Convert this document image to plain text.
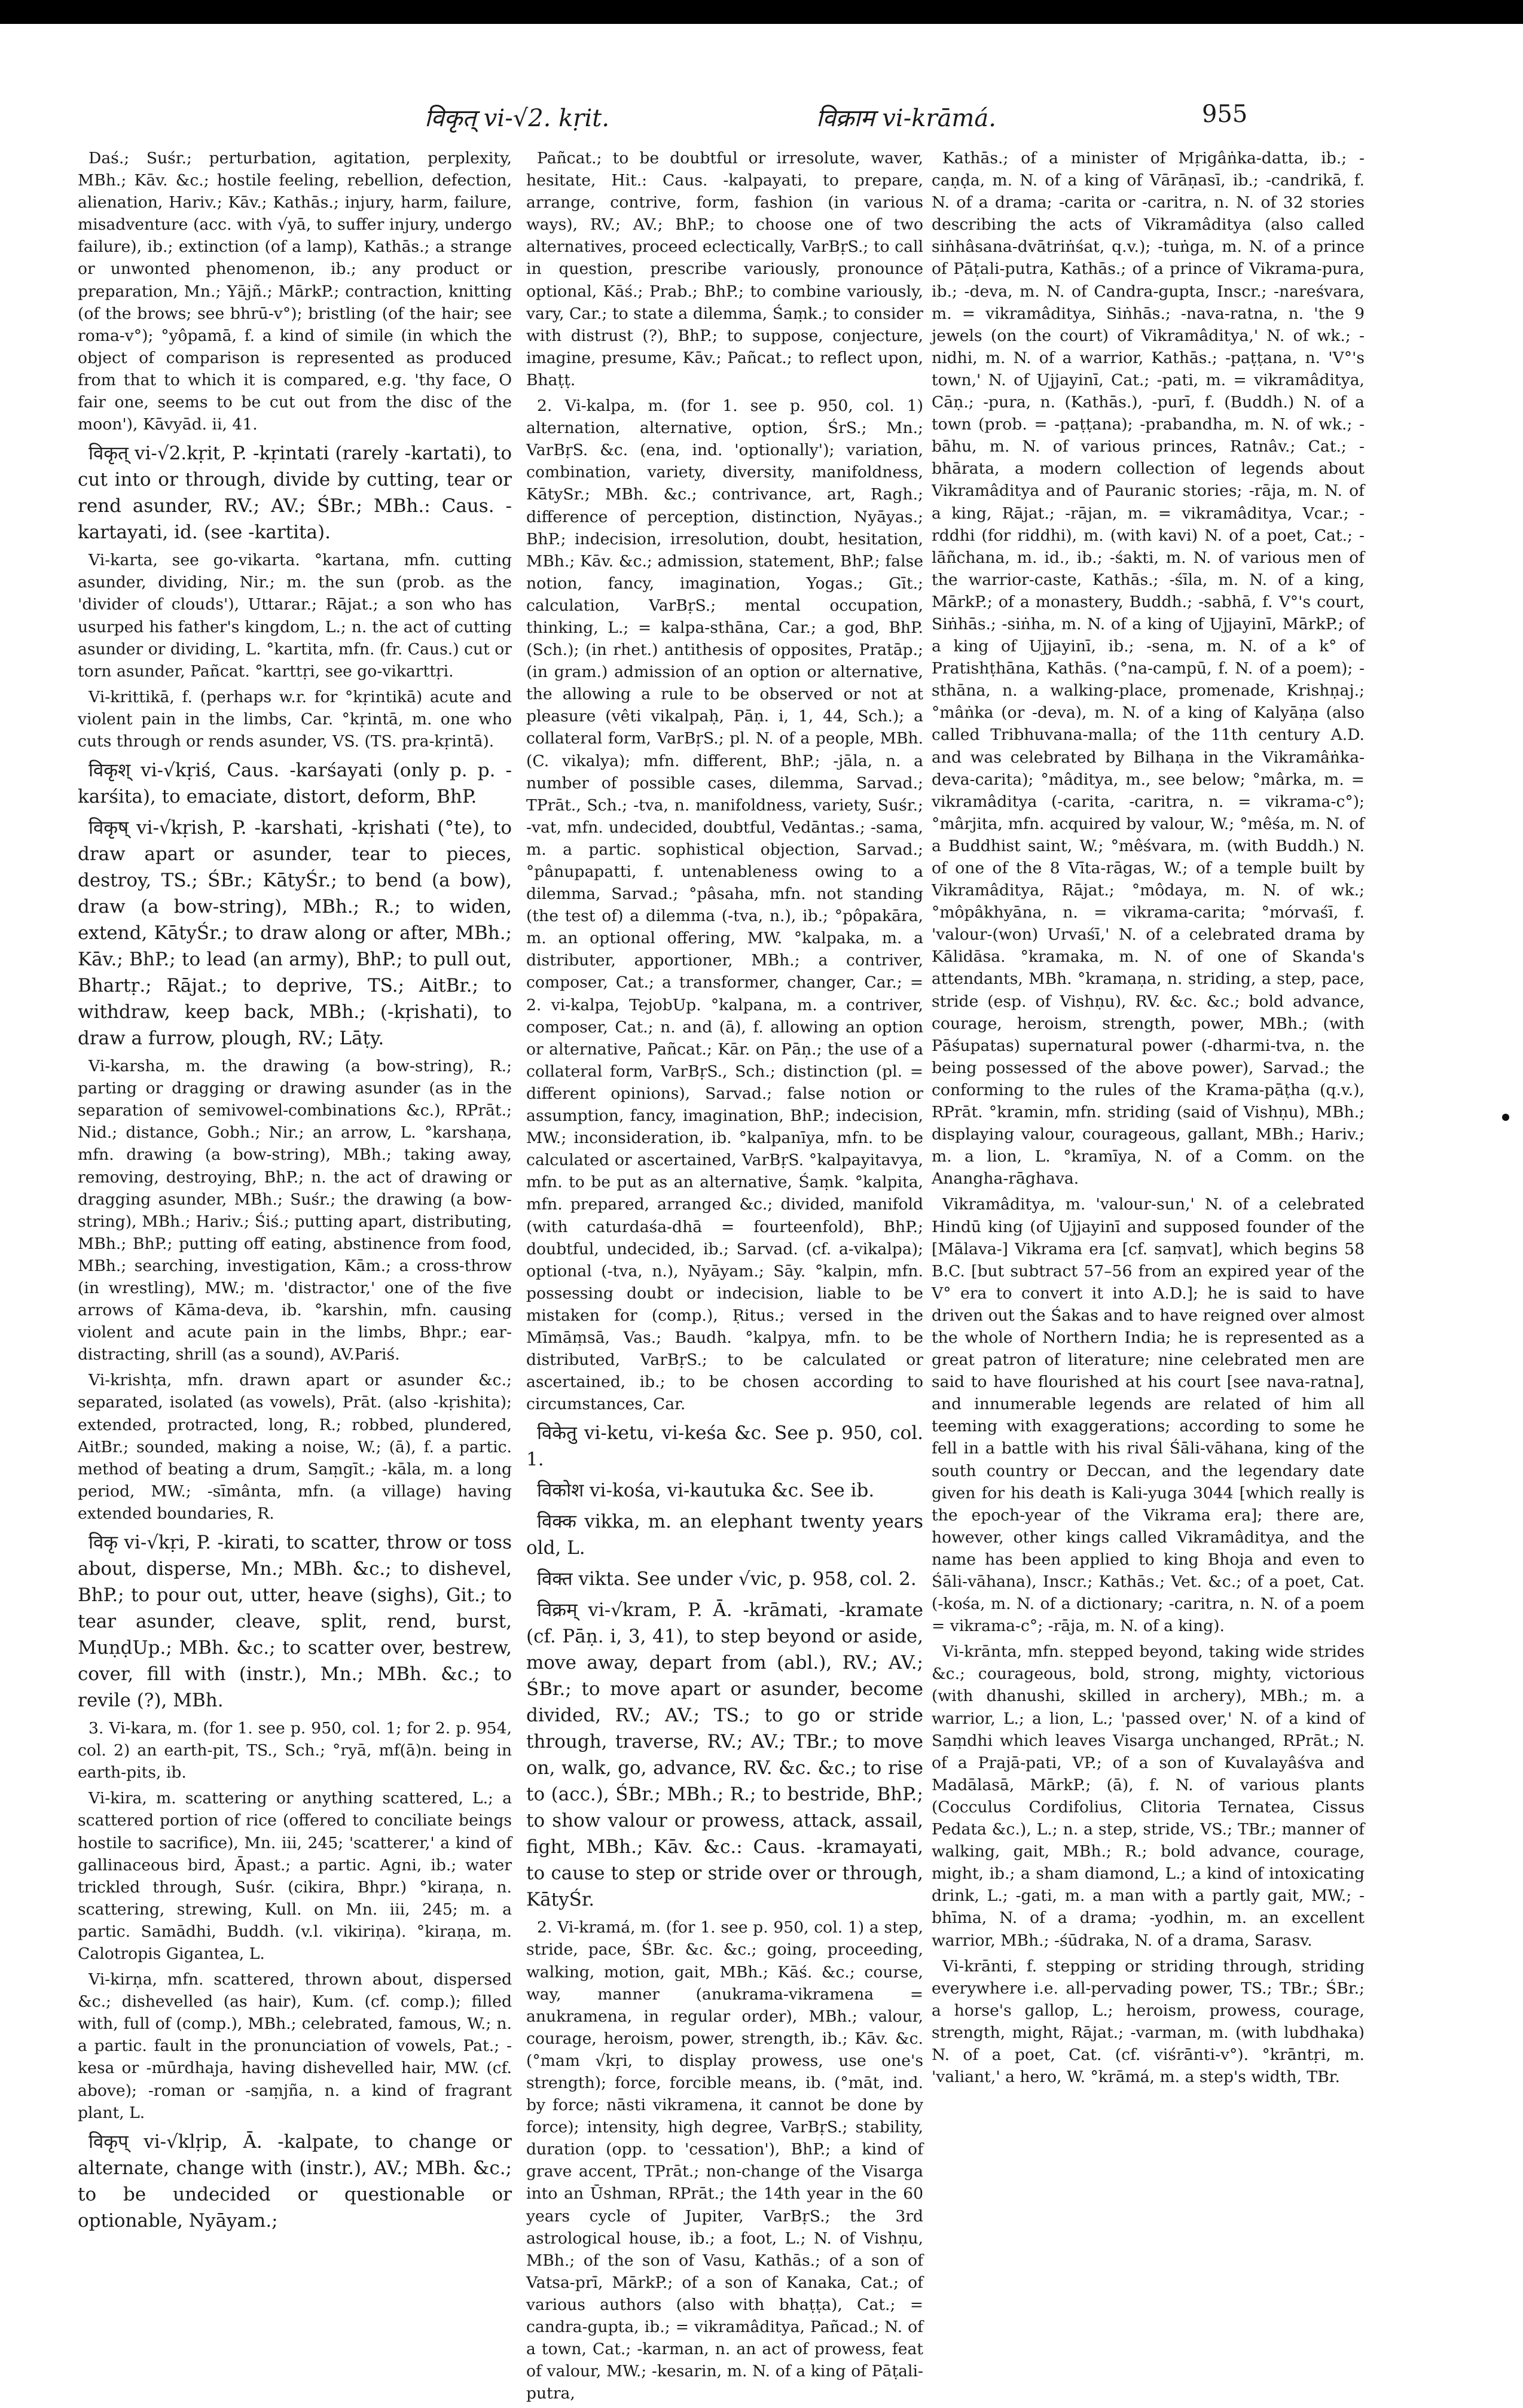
विकृत् vi-√2. kṛit.	विक्राम vi-krāmá.	955

Daś.; Suśr.; perturbation, agitation, perplexity, MBh.; Kāv. &c.; hostile feeling, rebellion, defection, alienation, Hariv.; Kāv.; Kathās.; injury, harm, failure, misadventure (acc. with √yā, to suffer injury, undergo failure), ib.; extinction (of a lamp), Kathās.; a strange or unwonted phenomenon, ib.; any product or preparation, Mn.; Yājñ.; MārkP.; contraction, knitting (of the brows; see bhrū-v°); bristling (of the hair; see roma-v°); °yôpamā, f. a kind of simile (in which the object of comparison is represented as produced from that to which it is compared, e.g. 'thy face, O fair one, seems to be cut out from the disc of the moon'), Kāvyād. ii, 41.

विकृत् vi-√2.kṛit, P. -kṛintati (rarely -kartati), to cut into or through, divide by cutting, tear or rend asunder, RV.; AV.; ŚBr.; MBh.: Caus. -kartayati, id. (see -kartita).

Vi-karta, see go-vikarta. °kartana, mfn. cutting asunder, dividing, Nir.; m. the sun (prob. as the 'divider of clouds'), Uttarar.; Rājat.; a son who has usurped his father's kingdom, L.; n. the act of cutting asunder or dividing, L. °kartita, mfn. (fr. Caus.) cut or torn asunder, Pañcat. °karttṛi, see go-vikarttṛi.

Vi-krittikā, f. (perhaps w.r. for °kṛintikā) acute and violent pain in the limbs, Car. °kṛintā, m. one who cuts through or rends asunder, VS. (TS. pra-kṛintā).

विकृश् vi-√kṛiś, Caus. -karśayati (only p. p. -karśita), to emaciate, distort, deform, BhP.

विकृष् vi-√kṛish, P. -karshati, -kṛishati (°te), to draw apart or asunder, tear to pieces, destroy, TS.; ŚBr.; KātyŚr.; to bend (a bow), draw (a bow-string), MBh.; R.; to widen, extend, KātyŚr.; to draw along or after, MBh.; Kāv.; BhP.; to lead (an army), BhP.; to pull out, Bhartṛ.; Rājat.; to deprive, TS.; AitBr.; to withdraw, keep back, MBh.; (-kṛishati), to draw a furrow, plough, RV.; Lāṭy.

Vi-karsha, m. the drawing (a bow-string), R.; parting or dragging or drawing asunder (as in the separation of semivowel-combinations &c.), RPrāt.; Nid.; distance, Gobh.; Nir.; an arrow, L. °karshaṇa, mfn. drawing (a bow-string), MBh.; taking away, removing, destroying, BhP.; n. the act of drawing or dragging asunder, MBh.; Suśr.; the drawing (a bow-string), MBh.; Hariv.; Śiś.; putting apart, distributing, MBh.; BhP.; putting off eating, abstinence from food, MBh.; searching, investigation, Kām.; a cross-throw (in wrestling), MW.; m. 'distractor,' one of the five arrows of Kāma-deva, ib. °karshin, mfn. causing violent and acute pain in the limbs, Bhpr.; ear-distracting, shrill (as a sound), AV.Pariś.

Vi-krishṭa, mfn. drawn apart or asunder &c.; separated, isolated (as vowels), Prāt. (also -kṛishita); extended, protracted, long, R.; robbed, plundered, AitBr.; sounded, making a noise, W.; (ā), f. a partic. method of beating a drum, Saṃgīt.; -kāla, m. a long period, MW.; -sīmânta, mfn. (a village) having extended boundaries, R.

विकृ vi-√kṛi, P. -kirati, to scatter, throw or toss about, disperse, Mn.; MBh. &c.; to dishevel, BhP.; to pour out, utter, heave (sighs), Git.; to tear asunder, cleave, split, rend, burst, MuṇḍUp.; MBh. &c.; to scatter over, bestrew, cover, fill with (instr.), Mn.; MBh. &c.; to revile (?), MBh.

3. Vi-kara, m. (for 1. see p. 950, col. 1; for 2. p. 954, col. 2) an earth-pit, TS., Sch.; °ryā, mf(ā)n. being in earth-pits, ib.

Vi-kira, m. scattering or anything scattered, L.; a scattered portion of rice (offered to conciliate beings hostile to sacrifice), Mn. iii, 245; 'scatterer,' a kind of gallinaceous bird, Āpast.; a partic. Agni, ib.; water trickled through, Suśr. (cikira, Bhpr.) °kiraṇa, n. scattering, strewing, Kull. on Mn. iii, 245; m. a partic. Samādhi, Buddh. (v.l. vikiriṇa). °kiraṇa, m. Calotropis Gigantea, L.

Vi-kirṇa, mfn. scattered, thrown about, dispersed &c.; dishevelled (as hair), Kum. (cf. comp.); filled with, full of (comp.), MBh.; celebrated, famous, W.; n. a partic. fault in the pronunciation of vowels, Pat.; -kesa or -mūrdhaja, having dishevelled hair, MW. (cf. above); -roman or -saṃjña, n. a kind of fragrant plant, L.

विकृप् vi-√klṛip, Ā. -kalpate, to change or alternate, change with (instr.), AV.; MBh. &c.; to be undecided or questionable or optionable, Nyāyam.;

Pañcat.; to be doubtful or irresolute, waver, hesitate, Hit.: Caus. -kalpayati, to prepare, arrange, contrive, form, fashion (in various ways), RV.; AV.; BhP.; to choose one of two alternatives, proceed eclectically, VarBṛS.; to call in question, prescribe variously, pronounce optional, Kāś.; Prab.; BhP.; to combine variously, vary, Car.; to state a dilemma, Śaṃk.; to consider with distrust (?), BhP.; to suppose, conjecture, imagine, presume, Kāv.; Pañcat.; to reflect upon, Bhaṭṭ.

2. Vi-kalpa, m. (for 1. see p. 950, col. 1) alternation, alternative, option, ŚrS.; Mn.; VarBṛS. &c. (ena, ind. 'optionally'); variation, combination, variety, diversity, manifoldness, KātySr.; MBh. &c.; contrivance, art, Ragh.; difference of perception, distinction, Nyāyas.; BhP.; indecision, irresolution, doubt, hesitation, MBh.; Kāv. &c.; admission, statement, BhP.; false notion, fancy, imagination, Yogas.; Gīt.; calculation, VarBṛS.; mental occupation, thinking, L.; = kalpa-sthāna, Car.; a god, BhP. (Sch.); (in rhet.) antithesis of opposites, Pratāp.; (in gram.) admission of an option or alternative, the allowing a rule to be observed or not at pleasure (vêti vikalpaḥ, Pāṇ. i, 1, 44, Sch.); a collateral form, VarBṛS.; pl. N. of a people, MBh. (C. vikalya); mfn. different, BhP.; -jāla, n. a number of possible cases, dilemma, Sarvad.; TPrāt., Sch.; -tva, n. manifoldness, variety, Suśr.; -vat, mfn. undecided, doubtful, Vedāntas.; -sama, m. a partic. sophistical objection, Sarvad.; °pânupapatti, f. untenableness owing to a dilemma, Sarvad.; °pâsaha, mfn. not standing (the test of) a dilemma (-tva, n.), ib.; °pôpakāra, m. an optional offering, MW. °kalpaka, m. a distributer, apportioner, MBh.; a contriver, composer, Cat.; a transformer, changer, Car.; = 2. vi-kalpa, TejobUp. °kalpana, m. a contriver, composer, Cat.; n. and (ā), f. allowing an option or alternative, Pañcat.; Kār. on Pāṇ.; the use of a collateral form, VarBṛS., Sch.; distinction (pl. = different opinions), Sarvad.; false notion or assumption, fancy, imagination, BhP.; indecision, MW.; inconsideration, ib. °kalpanīya, mfn. to be calculated or ascertained, VarBṛS. °kalpayitavya, mfn. to be put as an alternative, Śaṃk. °kalpita, mfn. prepared, arranged &c.; divided, manifold (with caturdaśa-dhā = fourteenfold), BhP.; doubtful, undecided, ib.; Sarvad. (cf. a-vikalpa); optional (-tva, n.), Nyāyam.; Sāy. °kalpin, mfn. possessing doubt or indecision, liable to be mistaken for (comp.), Ṛitus.; versed in the Mīmāṃsā, Vas.; Baudh. °kalpya, mfn. to be distributed, VarBṛS.; to be calculated or ascertained, ib.; to be chosen according to circumstances, Car.

विकेतु vi-ketu, vi-keśa &c. See p. 950, col. 1.

विकोश vi-kośa, vi-kautuka &c. See ib.

विक्क vikka, m. an elephant twenty years old, L.

विक्त vikta. See under √vic, p. 958, col. 2.

विक्रम् vi-√kram, P. Ā. -krāmati, -kramate (cf. Pāṇ. i, 3, 41), to step beyond or aside, move away, depart from (abl.), RV.; AV.; ŚBr.; to move apart or asunder, become divided, RV.; AV.; TS.; to go or stride through, traverse, RV.; AV.; TBr.; to move on, walk, go, advance, RV. &c. &c.; to rise to (acc.), ŚBr.; MBh.; R.; to bestride, BhP.; to show valour or prowess, attack, assail, fight, MBh.; Kāv. &c.: Caus. -kramayati, to cause to step or stride over or through, KātyŚr.

2. Vi-kramá, m. (for 1. see p. 950, col. 1) a step, stride, pace, ŚBr. &c. &c.; going, proceeding, walking, motion, gait, MBh.; Kāś. &c.; course, way, manner (anukrama-vikramena = anukramena, in regular order), MBh.; valour, courage, heroism, power, strength, ib.; Kāv. &c. (°mam √kṛi, to display prowess, use one's strength); force, forcible means, ib. (°māt, ind. by force; nāsti vikramena, it cannot be done by force); intensity, high degree, VarBṛS.; stability, duration (opp. to 'cessation'), BhP.; a kind of grave accent, TPrāt.; non-change of the Visarga into an Ūshman, RPrāt.; the 14th year in the 60 years cycle of Jupiter, VarBṛS.; the 3rd astrological house, ib.; a foot, L.; N. of Vishṇu, MBh.; of the son of Vasu, Kathās.; of a son of Vatsa-prī, MārkP.; of a son of Kanaka, Cat.; of various authors (also with bhaṭṭa), Cat.; = candra-gupta, ib.; = vikramâditya, Pañcad.; N. of a town, Cat.; -karman, n. an act of prowess, feat of valour, MW.; -kesarin, m. N. of a king of Pāṭali-putra,

Kathās.; of a minister of Mṛigâṅka-datta, ib.; -caṇḍa, m. N. of a king of Vārāṇasī, ib.; -candrikā, f. N. of a drama; -carita or -caritra, n. N. of 32 stories describing the acts of Vikramâditya (also called siṅhâsana-dvātriṅśat, q.v.); -tuṅga, m. N. of a prince of Pāṭali-putra, Kathās.; of a prince of Vikrama-pura, ib.; -deva, m. N. of Candra-gupta, Inscr.; -nareśvara, m. = vikramâditya, Siṅhās.; -nava-ratna, n. 'the 9 jewels (on the court) of Vikramâditya,' N. of wk.; -nidhi, m. N. of a warrior, Kathās.; -paṭṭana, n. 'V°'s town,' N. of Ujjayinī, Cat.; -pati, m. = vikramâditya, Cāṇ.; -pura, n. (Kathās.), -purī, f. (Buddh.) N. of a town (prob. = -paṭṭana); -prabandha, m. N. of wk.; -bāhu, m. N. of various princes, Ratnâv.; Cat.; -bhārata, a modern collection of legends about Vikramâditya and of Pauranic stories; -rāja, m. N. of a king, Rājat.; -rājan, m. = vikramâditya, Vcar.; -rddhi (for riddhi), m. (with kavi) N. of a poet, Cat.; -lāñchana, m. id., ib.; -śakti, m. N. of various men of the warrior-caste, Kathās.; -śīla, m. N. of a king, MārkP.; of a monastery, Buddh.; -sabhā, f. V°'s court, Siṅhās.; -siṅha, m. N. of a king of Ujjayinī, MārkP.; of a king of Ujjayinī, ib.; -sena, m. N. of a k° of Pratishṭhāna, Kathās. (°na-campū, f. N. of a poem); -sthāna, n. a walking-place, promenade, Krishṇaj.; °mâṅka (or -deva), m. N. of a king of Kalyāṇa (also called Tribhuvana-malla; of the 11th century A.D. and was celebrated by Bilhaṇa in the Vikramâṅka-deva-carita); °mâditya, m., see below; °mârka, m. = vikramâditya (-carita, -caritra, n. = vikrama-c°); °mârjita, mfn. acquired by valour, W.; °mêśa, m. N. of a Buddhist saint, W.; °mêśvara, m. (with Buddh.) N. of one of the 8 Vīta-rāgas, W.; of a temple built by Vikramâditya, Rājat.; °môdaya, m. N. of wk.; °môpâkhyāna, n. = vikrama-carita; °mórvaśī, f. 'valour-(won) Urvaśī,' N. of a celebrated drama by Kālidāsa. °kramaka, m. N. of one of Skanda's attendants, MBh. °kramaṇa, n. striding, a step, pace, stride (esp. of Vishṇu), RV. &c. &c.; bold advance, courage, heroism, strength, power, MBh.; (with Pāśupatas) supernatural power (-dharmi-tva, n. the being possessed of the above power), Sarvad.; the conforming to the rules of the Krama-pāṭha (q.v.), RPrāt. °kramin, mfn. striding (said of Vishṇu), MBh.; displaying valour, courageous, gallant, MBh.; Hariv.; m. a lion, L. °kramīya, N. of a Comm. on the Anangha-rāghava.

Vikramâditya, m. 'valour-sun,' N. of a celebrated Hindū king (of Ujjayinī and supposed founder of the [Mālava-] Vikrama era [cf. saṃvat], which begins 58 B.C. [but subtract 57–56 from an expired year of the V° era to convert it into A.D.]; he is said to have driven out the Śakas and to have reigned over almost the whole of Northern India; he is represented as a great patron of literature; nine celebrated men are said to have flourished at his court [see nava-ratna], and innumerable legends are related of him all teeming with exaggerations; according to some he fell in a battle with his rival Śāli-vāhana, king of the south country or Deccan, and the legendary date given for his death is Kali-yuga 3044 [which really is the epoch-year of the Vikrama era]; there are, however, other kings called Vikramâditya, and the name has been applied to king Bhoja and even to Śāli-vāhana), Inscr.; Kathās.; Vet. &c.; of a poet, Cat. (-kośa, m. N. of a dictionary; -caritra, n. N. of a poem = vikrama-c°; -rāja, m. N. of a king).

Vi-krānta, mfn. stepped beyond, taking wide strides &c.; courageous, bold, strong, mighty, victorious (with dhanushi, skilled in archery), MBh.; m. a warrior, L.; a lion, L.; 'passed over,' N. of a kind of Saṃdhi which leaves Visarga unchanged, RPrāt.; N. of a Prajā-pati, VP.; of a son of Kuvalayâśva and Madālasā, MārkP.; (ā), f. N. of various plants (Cocculus Cordifolius, Clitoria Ternatea, Cissus Pedata &c.), L.; n. a step, stride, VS.; TBr.; manner of walking, gait, MBh.; R.; bold advance, courage, might, ib.; a sham diamond, L.; a kind of intoxicating drink, L.; -gati, m. a man with a partly gait, MW.; -bhīma, N. of a drama; -yodhin, m. an excellent warrior, MBh.; -śūdraka, N. of a drama, Sarasv.

Vi-krānti, f. stepping or striding through, striding everywhere i.e. all-pervading power, TS.; TBr.; ŚBr.; a horse's gallop, L.; heroism, prowess, courage, strength, might, Rājat.; -varman, m. (with lubdhaka) N. of a poet, Cat. (cf. viśrānti-v°). °krāntṛi, m. 'valiant,' a hero, W. °krāmá, m. a step's width, TBr.
